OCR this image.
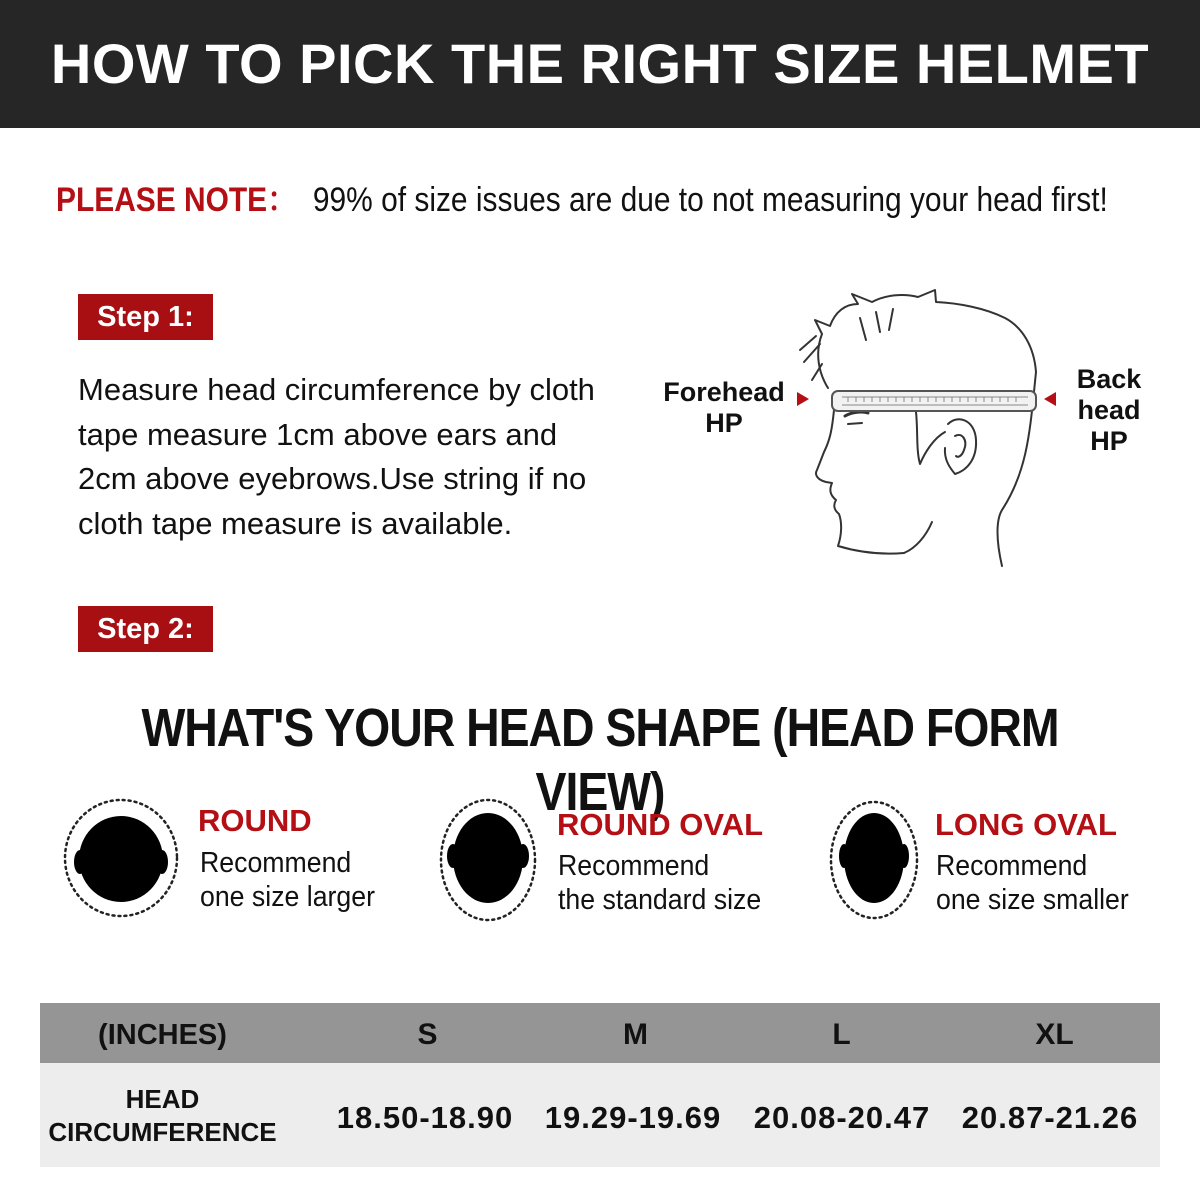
HOW TO PICK THE RIGHT SIZE HELMET
PLEASE NOTE： 99% of size issues are due to not measuring your head first!
Step 1:
Measure head circumference by cloth
tape measure 1cm above ears and
2cm above eyebrows.Use string if no
cloth tape measure is available.
Forehead
HP
Back
head
HP
Step 2:
WHAT'S YOUR HEAD SHAPE (HEAD FORM VIEW)
ROUND
Recommend
one size larger
ROUND OVAL
Recommend
the standard size
LONG OVAL
Recommend
one size smaller
(INCHES)	S	M	L	XL
HEAD
CIRCUMFERENCE	18.50-18.90	19.29-19.69	20.08-20.47	20.87-21.26
